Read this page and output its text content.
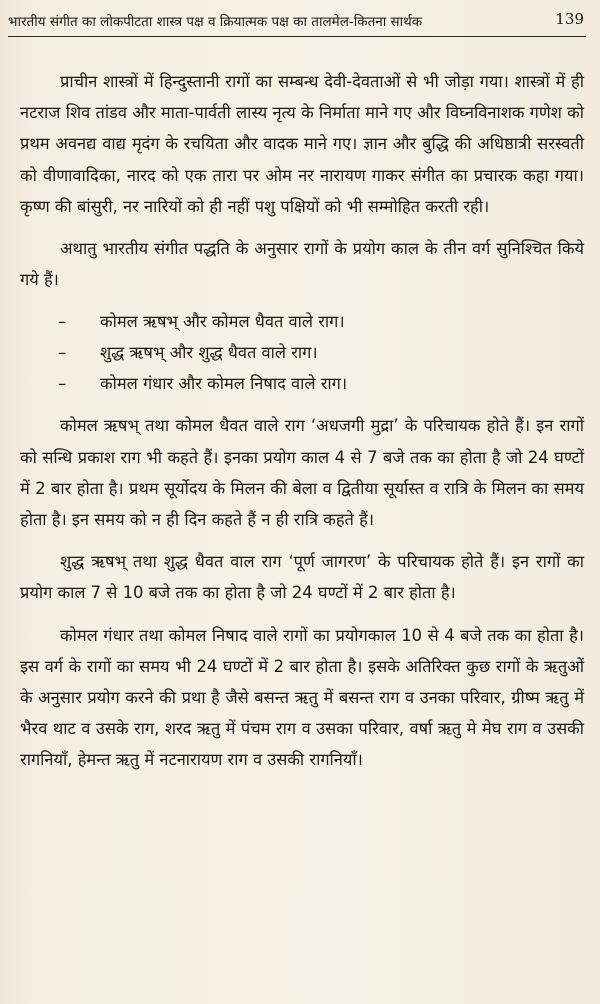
भारतीय संगीत का लोकपीटता शास्त्र पक्ष व क्रियात्मक पक्ष का तालमेल-कितना सार्थक	139

प्राचीन शास्त्रों में हिन्दुस्तानी रागों का सम्बन्ध देवी-देवताओं से भी जोड़ा गया। शास्त्रों में ही नटराज शिव तांडव और माता-पार्वती लास्य नृत्य के निर्माता माने गए और विघ्नविनाशक गणेश को प्रथम अवनद्य वाद्य मृदंग के रचयिता और वादक माने गए। ज्ञान और बुद्धि की अधिष्ठात्री सरस्वती को वीणावादिका, नारद को एक तारा पर ओम नर नारायण गाकर संगीत का प्रचारक कहा गया। कृष्ण की बांसुरी, नर नारियों को ही नहीं पशु पक्षियों को भी सम्मोहित करती रही।

अथातु भारतीय संगीत पद्धति के अनुसार रागों के प्रयोग काल के तीन वर्ग सुनिश्चित किये गये हैं।

– कोमल ऋषभ् और कोमल धैवत वाले राग।
– शुद्ध ऋषभ् और शुद्ध धैवत वाले राग।
– कोमल गंधार और कोमल निषाद वाले राग।

कोमल ऋषभ् तथा कोमल धैवत वाले राग ‘अधजगी मुद्रा’ के परिचायक होते हैं। इन रागों को सन्धि प्रकाश राग भी कहते हैं। इनका प्रयोग काल 4 से 7 बजे तक का होता है जो 24 घण्टों में 2 बार होता है। प्रथम सूर्योदय के मिलन की बेला व द्वितीया सूर्यास्त व रात्रि के मिलन का समय होता है। इन समय को न ही दिन कहते हैं न ही रात्रि कहते हैं।

शुद्ध ऋषभ् तथा शुद्ध धैवत वाल राग ‘पूर्ण जागरण’ के परिचायक होते हैं। इन रागों का प्रयोग काल 7 से 10 बजे तक का होता है जो 24 घण्टों में 2 बार होता है।

कोमल गंधार तथा कोमल निषाद वाले रागों का प्रयोगकाल 10 से 4 बजे तक का होता है। इस वर्ग के रागों का समय भी 24 घण्टों में 2 बार होता है। इसके अतिरिक्त कुछ रागों के ऋतुओं के अनुसार प्रयोग करने की प्रथा है जैसे बसन्त ऋतु में बसन्त राग व उनका परिवार, ग्रीष्म ऋतु में भैरव थाट व उसके राग, शरद ऋतु में पंचम राग व उसका परिवार, वर्षा ऋतु मे मेघ राग व उसकी रागनियाँ, हेमन्त ऋतु में नटनारायण राग व उसकी रागनियाँ।
